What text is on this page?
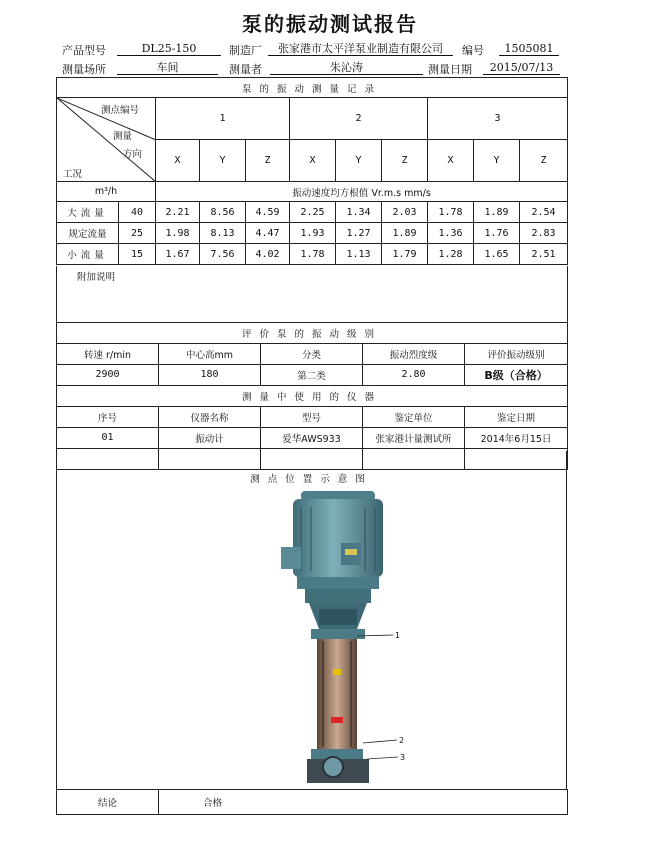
泵的振动测试报告
产品型号	DL25-150	制造厂	张家港市太平洋泵业制造有限公司	编号	1505081
测量场所	车间	测量者	朱沁涛	测量日期	2015/07/13
泵的振动测量记录										

测点编号
测量
方向
工况		1			2			3		
		X	Y	Z	X	Y	Z	X	Y	Z
m³/h		振动速度均方根值 Vr.m.s mm/s								
大流量	40	2.21	8.56	4.59	2.25	1.34	2.03	1.78	1.89	2.54
规定流量	25	1.98	8.13	4.47	1.93	1.27	1.89	1.36	1.76	2.83
小流量	15	1.67	7.56	4.02	1.78	1.13	1.79	1.28	1.65	2.51
附加说明				
评价泵的振动级别				
转速 r/min	中心高mm	分类	振动烈度级	评价振动级别
2900	180	第二类	2.80	B级（合格）
测量中使用的仪器				
序号	仪器名称	型号	鉴定单位	鉴定日期
01	振动计	爱华AWS933	张家港计量测试所	2014年6月15日

测点位置示意图
1
2
3
结论	合格
